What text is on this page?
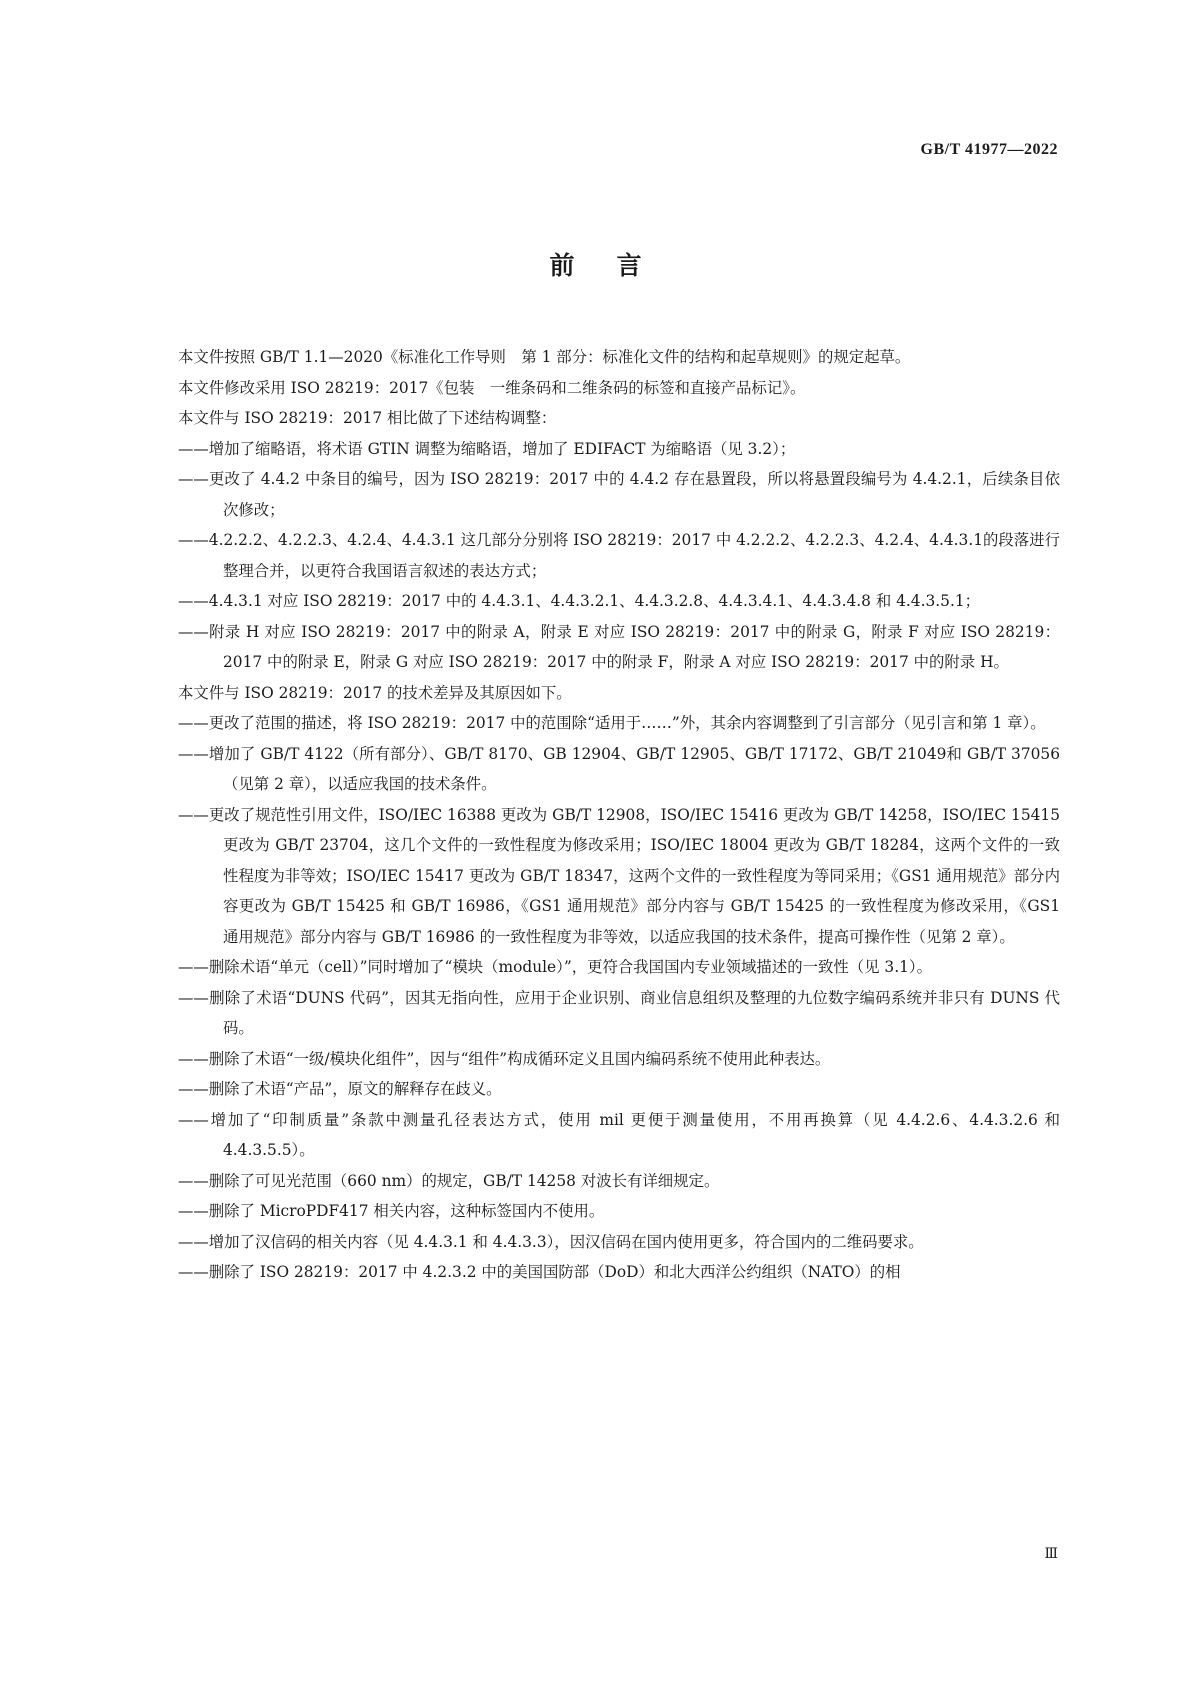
GB/T 41977—2022
前言

本文件按照 GB/T 1.1—2020《标准化工作导则　第 1 部分：标准化文件的结构和起草规则》的规定起草。

本文件修改采用 ISO 28219：2017《包装　一维条码和二维条码的标签和直接产品标记》。

本文件与 ISO 28219：2017 相比做了下述结构调整：

——增加了缩略语，将术语 GTIN 调整为缩略语，增加了 EDIFACT 为缩略语（见 3.2）；

——更改了 4.4.2 中条目的编号，因为 ISO 28219：2017 中的 4.4.2 存在悬置段，所以将悬置段编号为 4.4.2.1，后续条目依次修改；

——4.2.2.2、4.2.2.3、4.2.4、4.4.3.1 这几部分分别将 ISO 28219：2017 中 4.2.2.2、4.2.2.3、4.2.4、4.4.3.1的段落进行整理合并，以更符合我国语言叙述的表达方式；

——4.4.3.1 对应 ISO 28219：2017 中的 4.4.3.1、4.4.3.2.1、4.4.3.2.8、4.4.3.4.1、4.4.3.4.8 和 4.4.3.5.1；

——附录 H 对应 ISO 28219：2017 中的附录 A，附录 E 对应 ISO 28219：2017 中的附录 G，附录 F 对应 ISO 28219：2017 中的附录 E，附录 G 对应 ISO 28219：2017 中的附录 F，附录 A 对应 ISO 28219：2017 中的附录 H。

本文件与 ISO 28219：2017 的技术差异及其原因如下。

——更改了范围的描述，将 ISO 28219：2017 中的范围除“适用于……”外，其余内容调整到了引言部分（见引言和第 1 章）。

——增加了 GB/T 4122（所有部分）、GB/T 8170、GB 12904、GB/T 12905、GB/T 17172、GB/T 21049和 GB/T 37056（见第 2 章），以适应我国的技术条件。

——更改了规范性引用文件，ISO/IEC 16388 更改为 GB/T 12908，ISO/IEC 15416 更改为 GB/T 14258，ISO/IEC 15415 更改为 GB/T 23704，这几个文件的一致性程度为修改采用；ISO/IEC 18004 更改为 GB/T 18284，这两个文件的一致性程度为非等效；ISO/IEC 15417 更改为 GB/T 18347，这两个文件的一致性程度为等同采用；《GS1 通用规范》部分内容更改为 GB/T 15425 和 GB/T 16986，《GS1 通用规范》部分内容与 GB/T 15425 的一致性程度为修改采用，《GS1 通用规范》部分内容与 GB/T 16986 的一致性程度为非等效，以适应我国的技术条件，提高可操作性（见第 2 章）。

——删除术语“单元（cell）”同时增加了“模块（module）”，更符合我国国内专业领域描述的一致性（见 3.1）。

——删除了术语“DUNS 代码”，因其无指向性，应用于企业识别、商业信息组织及整理的九位数字编码系统并非只有 DUNS 代码。

——删除了术语“一级/模块化组件”，因与“组件”构成循环定义且国内编码系统不使用此种表达。

——删除了术语“产品”，原文的解释存在歧义。

——增加了“印制质量”条款中测量孔径表达方式，使用 mil 更便于测量使用，不用再换算（见 4.4.2.6、4.4.3.2.6 和 4.4.3.5.5）。

——删除了可见光范围（660 nm）的规定，GB/T 14258 对波长有详细规定。

——删除了 MicroPDF417 相关内容，这种标签国内不使用。

——增加了汉信码的相关内容（见 4.4.3.1 和 4.4.3.3），因汉信码在国内使用更多，符合国内的二维码要求。

——删除了 ISO 28219：2017 中 4.2.3.2 中的美国国防部（DoD）和北大西洋公约组织（NATO）的相

Ⅲ
